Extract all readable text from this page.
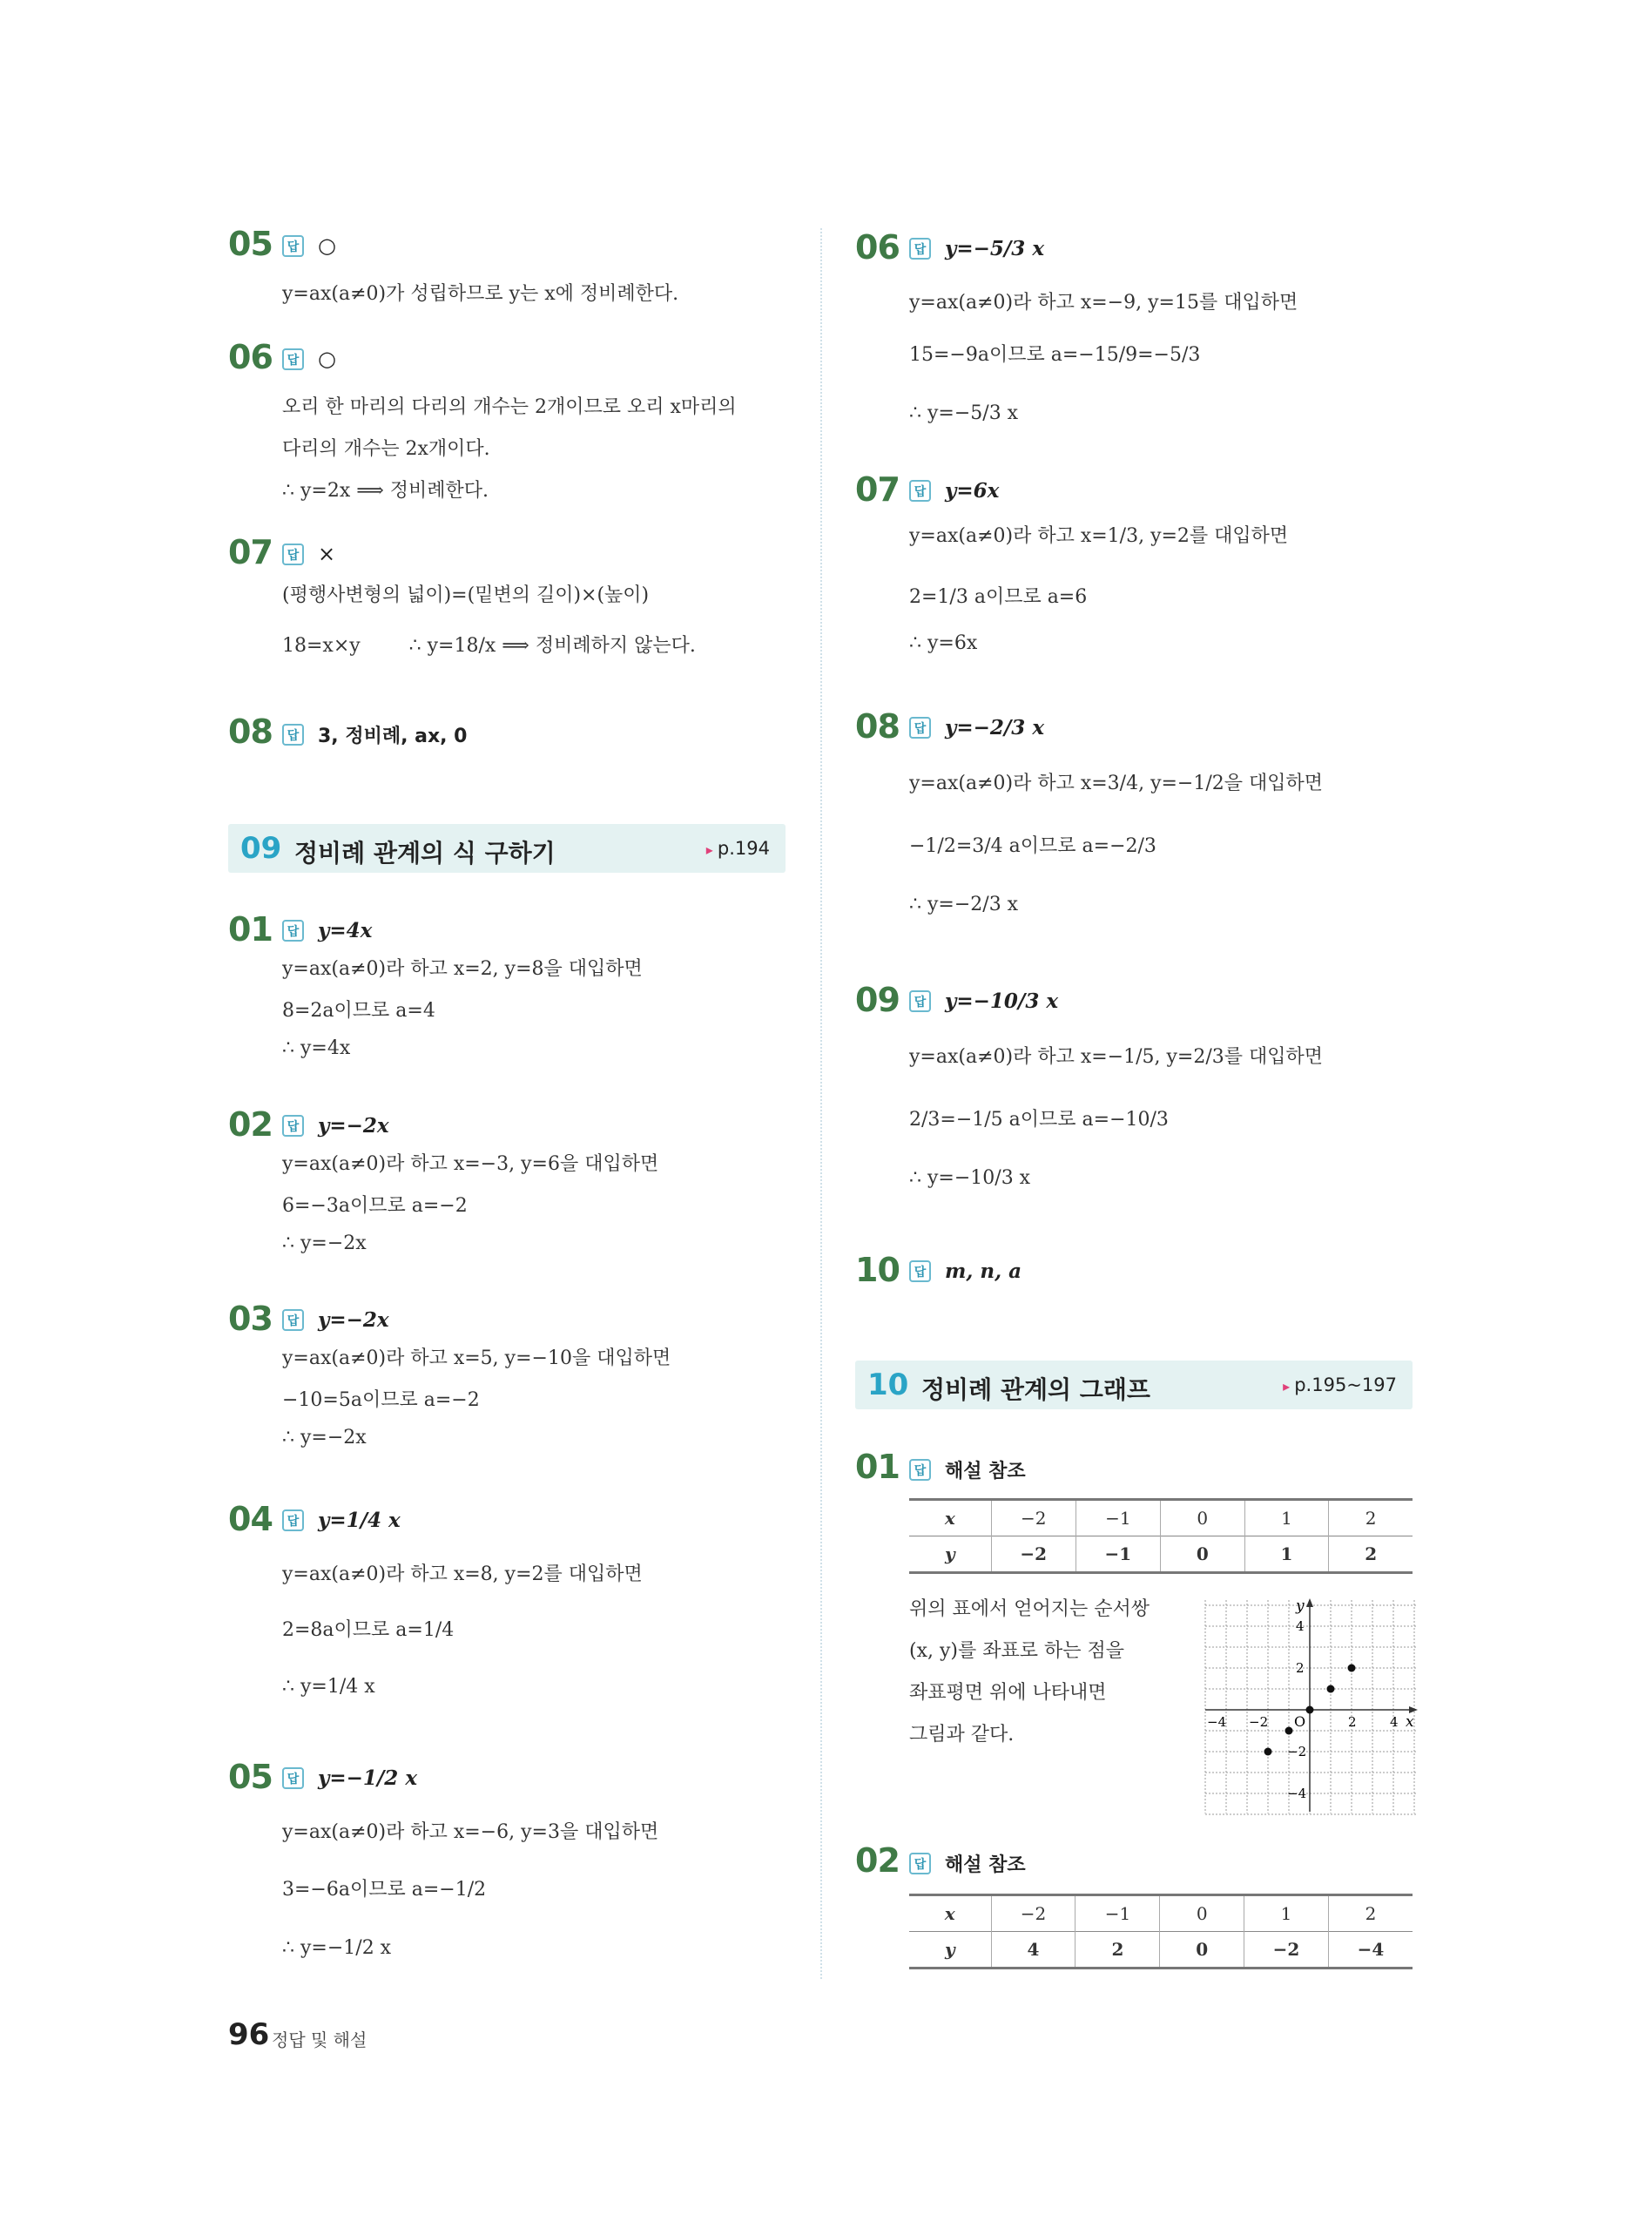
05	답 ○
y=ax(a≠0)가 성립하므로 y는 x에 정비례한다.
06	답 ○
오리 한 마리의 다리의 개수는 2개이므로 오리 x마리의
다리의 개수는 2x개이다.
∴ y=2x ⟹ 정비례한다.
07	답 ×
(평행사변형의 넓이)=(밑변의 길이)×(높이)
18=x×y        ∴ y=18/x ⟹ 정비례하지 않는다.
08	답 3, 정비례, ax, 0
09 정비례 관계의 식 구하기	▸ p.194
01	답 y=4x
y=ax(a≠0)라 하고 x=2, y=8을 대입하면
8=2a이므로 a=4
∴ y=4x
02	답 y=−2x
y=ax(a≠0)라 하고 x=−3, y=6을 대입하면
6=−3a이므로 a=−2
∴ y=−2x
03	답 y=−2x
y=ax(a≠0)라 하고 x=5, y=−10을 대입하면
−10=5a이므로 a=−2
∴ y=−2x
04	답 y=1/4 x
y=ax(a≠0)라 하고 x=8, y=2를 대입하면
2=8a이므로 a=1/4
∴ y=1/4 x
05	답 y=−1/2 x
y=ax(a≠0)라 하고 x=−6, y=3을 대입하면
3=−6a이므로 a=−1/2
∴ y=−1/2 x
06	답 y=−5/3 x
y=ax(a≠0)라 하고 x=−9, y=15를 대입하면
15=−9a이므로 a=−15/9=−5/3
∴ y=−5/3 x
07	답 y=6x
y=ax(a≠0)라 하고 x=1/3, y=2를 대입하면
2=1/3 a이므로 a=6
∴ y=6x
08	답 y=−2/3 x
y=ax(a≠0)라 하고 x=3/4, y=−1/2을 대입하면
−1/2=3/4 a이므로 a=−2/3
∴ y=−2/3 x
09	답 y=−10/3 x
y=ax(a≠0)라 하고 x=−1/5, y=2/3를 대입하면
2/3=−1/5 a이므로 a=−10/3
∴ y=−10/3 x
10	답 m, n, a
10 정비례 관계의 그래프	▸ p.195~197
01	답 해설 참조
x	−2	−1	0	1	2
y	−2	−1	0	1	2
위의 표에서 얻어지는 순서쌍
(x, y)를 좌표로 하는 점을
좌표평면 위에 나타내면
그림과 같다.
x
y
O
−4 −2	2	4
4
2
−2
−4
02	답 해설 참조
x	−2	−1	0	1	2
y	4	2	0	−2	−4
96 정답 및 해설
